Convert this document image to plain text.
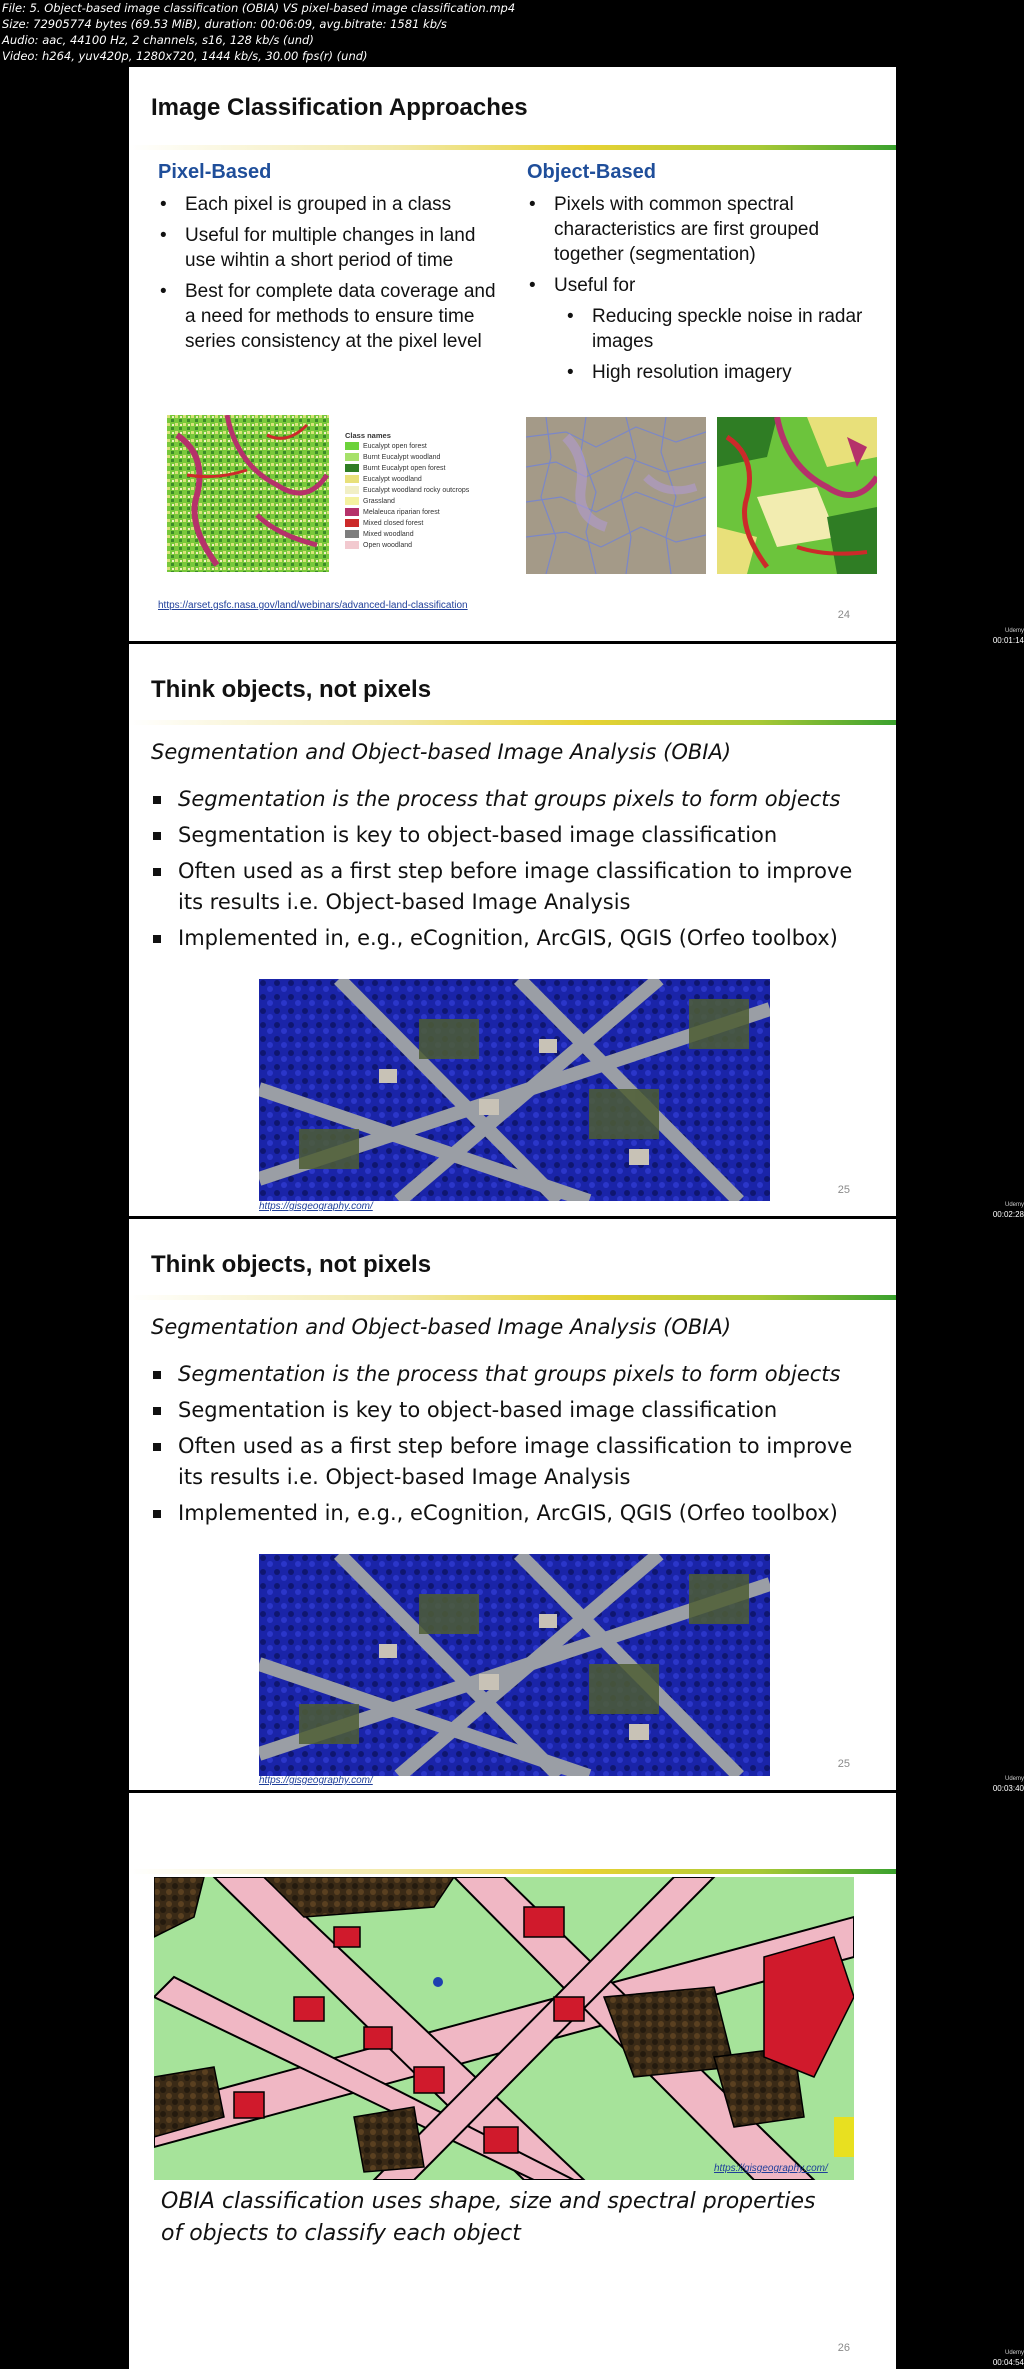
File: 5. Object-based image classification (OBIA) VS pixel-based image classification.mp4
Size: 72905774 bytes (69.53 MiB), duration: 00:06:09, avg.bitrate: 1581 kb/s
Audio: aac, 44100 Hz, 2 channels, s16, 128 kb/s (und)
Video: h264, yuv420p, 1280x720, 1444 kb/s, 30.00 fps(r) (und)
Udemy
00:01:14
Udemy
00:02:28
Udemy
00:03:40
Udemy
00:04:54
Image Classification Approaches
Pixel-Based
• Each pixel is grouped in a class
• Useful for multiple changes in land use wihtin a short period of time
• Best for complete data coverage and a need for methods to ensure time series consistency at the pixel level
Object-Based
• Pixels with common spectral characteristics are first grouped together (segmentation)
• Useful for
• Reducing speckle noise in radar images
• High resolution imagery
Class names
Eucalypt open forest
Burnt Eucalypt woodland
Burnt Eucalypt open forest
Eucalypt woodland
Eucalypt woodland rocky outcrops
Grassland
Melaleuca riparian forest
Mixed closed forest
Mixed woodland
Open woodland
https://arset.gsfc.nasa.gov/land/webinars/advanced-land-classification
24
Think objects, not pixels
Segmentation and Object-based Image Analysis (OBIA)
Segmentation is the process that groups pixels to form objects
Segmentation is key to object-based image classification
Often used as a first step before image classification to improve its results i.e. Object-based Image Analysis
Implemented in, e.g., eCognition, ArcGIS, QGIS (Orfeo toolbox)
https://gisgeography.com/
25
Think objects, not pixels
Segmentation and Object-based Image Analysis (OBIA)
Segmentation is the process that groups pixels to form objects
Segmentation is key to object-based image classification
Often used as a first step before image classification to improve its results i.e. Object-based Image Analysis
Implemented in, e.g., eCognition, ArcGIS, QGIS (Orfeo toolbox)
https://gisgeography.com/
25
https://gisgeography.com/
OBIA classification uses shape, size and spectral properties of objects to classify each object
26
